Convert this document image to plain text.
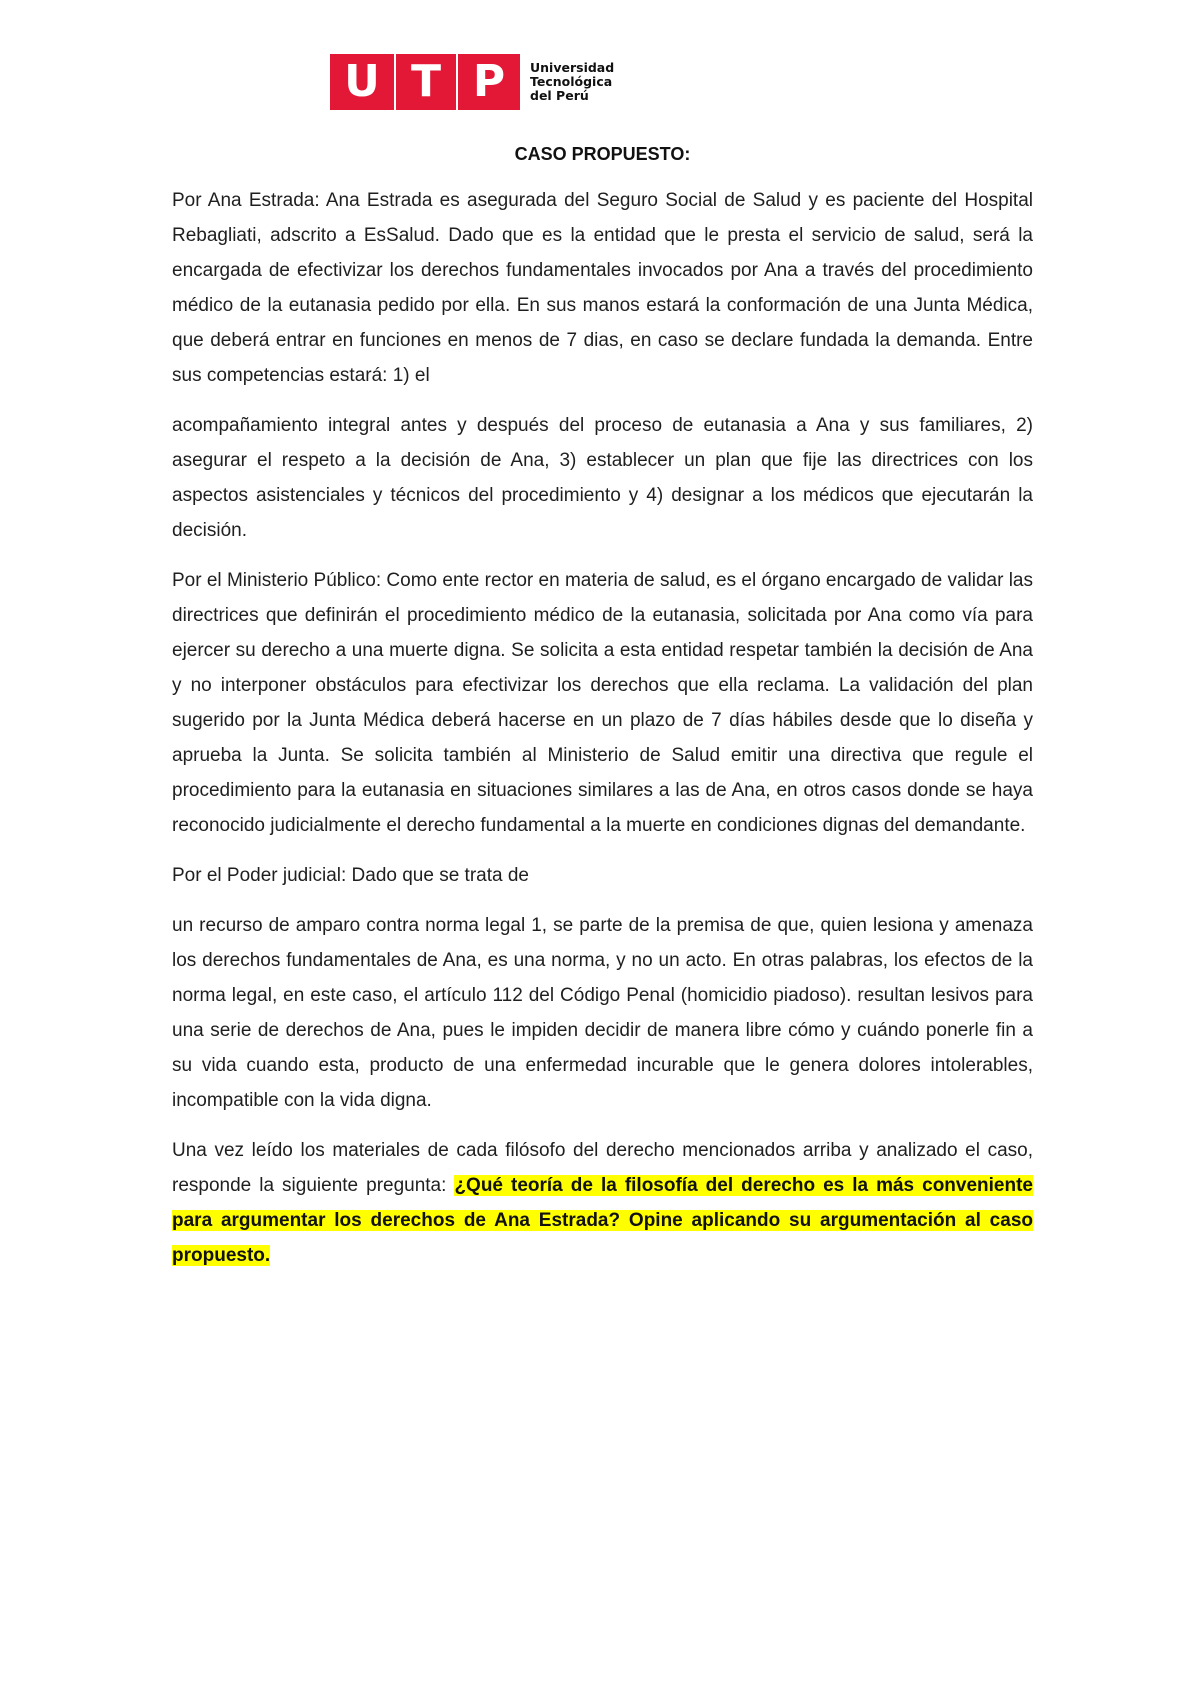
U T P Universidad
Tecnológica
del Perú
CASO PROPUESTO:

Por Ana Estrada: Ana Estrada es asegurada del Seguro Social de Salud y es paciente del Hospital Rebagliati, adscrito a EsSalud. Dado que es la entidad que le presta el servicio de salud, será la encargada de efectivizar los derechos fundamentales invocados por Ana a través del procedimiento médico de la eutanasia pedido por ella. En sus manos estará la conformación de una Junta Médica, que deberá entrar en funciones en menos de 7 dias, en caso se declare fundada la demanda. Entre sus competencias estará: 1) el

acompañamiento integral antes y después del proceso de eutanasia a Ana y sus familiares, 2) asegurar el respeto a la decisión de Ana, 3) establecer un plan que fije las directrices con los aspectos asistenciales y técnicos del procedimiento y 4) designar a los médicos que ejecutarán la decisión.

Por el Ministerio Público: Como ente rector en materia de salud, es el órgano encargado de validar las directrices que definirán el procedimiento médico de la eutanasia, solicitada por Ana como vía para ejercer su derecho a una muerte digna. Se solicita a esta entidad respetar también la decisión de Ana y no interponer obstáculos para efectivizar los derechos que ella reclama. La validación del plan sugerido por la Junta Médica deberá hacerse en un plazo de 7 días hábiles desde que lo diseña y aprueba la Junta. Se solicita también al Ministerio de Salud emitir una directiva que regule el procedimiento para la eutanasia en situaciones similares a las de Ana, en otros casos donde se haya reconocido judicialmente el derecho fundamental a la muerte en condiciones dignas del demandante.

Por el Poder judicial: Dado que se trata de

un recurso de amparo contra norma legal 1, se parte de la premisa de que, quien lesiona y amenaza los derechos fundamentales de Ana, es una norma, y no un acto. En otras palabras, los efectos de la norma legal, en este caso, el artículo 112 del Código Penal (homicidio piadoso). resultan lesivos para una serie de derechos de Ana, pues le impiden decidir de manera libre cómo y cuándo ponerle fin a su vida cuando esta, producto de una enfermedad incurable que le genera dolores intolerables, incompatible con la vida digna.

Una vez leído los materiales de cada filósofo del derecho mencionados arriba y analizado el caso, responde la siguiente pregunta: ¿Qué teoría de la filosofía del derecho es la más conveniente para argumentar los derechos de Ana Estrada? Opine aplicando su argumentación al caso propuesto.
